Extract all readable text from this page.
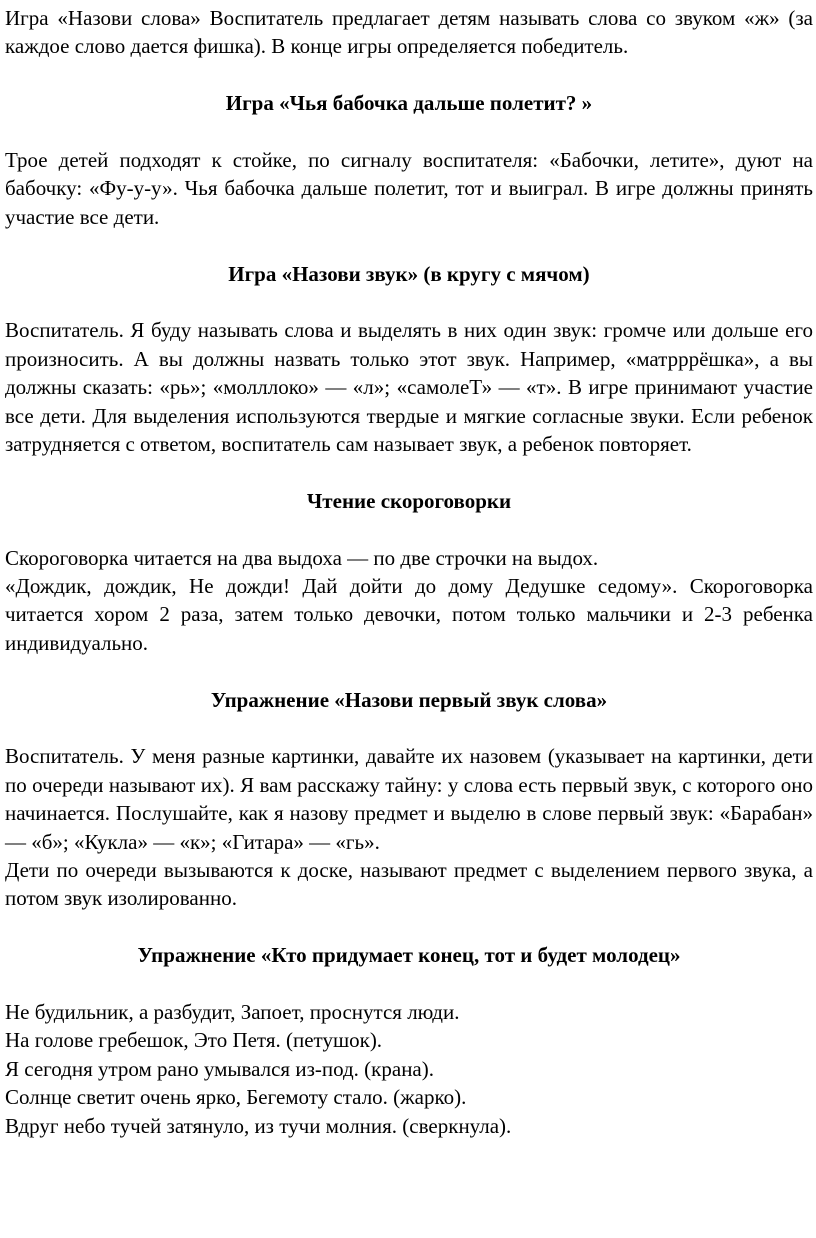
Игра «Назови слова» Воспитатель предлагает детям называть слова со звуком «ж» (за каждое слово дается фишка). В конце игры определяется победитель.

Игра «Чья бабочка дальше полетит? »

Трое детей подходят к стойке, по сигналу воспитателя: «Бабочки, летите», дуют на бабочку: «Фу-у-у». Чья бабочка дальше полетит, тот и выиграл. В игре должны принять участие все дети.

Игра «Назови звук» (в кругу с мячом)

Воспитатель. Я буду называть слова и выделять в них один звук: громче или дольше его произносить. А вы должны назвать только этот звук. Например, «матрррёшка», а вы должны сказать: «рь»; «молллоко» — «л»; «самолеТ» — «т». В игре принимают участие все дети. Для выделения используются твердые и мягкие согласные звуки. Если ребенок затрудняется с ответом, воспитатель сам называет звук, а ребенок повторяет.

Чтение скороговорки

Скороговорка читается на два выдоха — по две строчки на выдох.

«Дождик, дождик, Не дожди! Дай дойти до дому Дедушке седому». Скороговорка читается хором 2 раза, затем только девочки, потом только мальчики и 2-3 ребенка индивидуально.

Упражнение «Назови первый звук слова»

Воспитатель. У меня разные картинки, давайте их назовем (указывает на картинки, дети по очереди называют их). Я вам расскажу тайну: у слова есть первый звук, с которого оно начинается. Послушайте, как я назову предмет и выделю в слове первый звук: «Барабан» — «б»; «Кукла» — «к»; «Гитара» — «гь».

Дети по очереди вызываются к доске, называют предмет с выделением первого звука, а потом звук изолированно.

Упражнение «Кто придумает конец, тот и будет молодец»

Не будильник, а разбудит, Запоет, проснутся люди.

На голове гребешок, Это Петя. (петушок).

Я сегодня утром рано умывался из-под. (крана).

Солнце светит очень ярко, Бегемоту стало. (жарко).

Вдруг небо тучей затянуло, из тучи молния. (сверкнула).
